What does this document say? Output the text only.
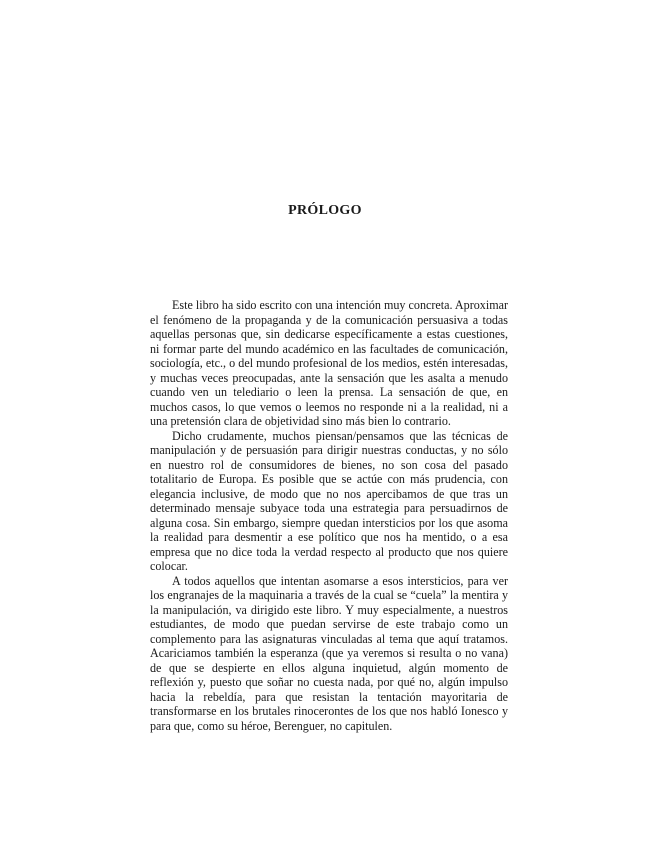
PRÓLOGO

Este libro ha sido escrito con una intención muy concreta. Aproximar el fenómeno de la propaganda y de la comunicación persuasiva a todas aquellas personas que, sin dedicarse específicamente a estas cuestiones, ni formar parte del mundo académico en las facultades de comunicación, sociología, etc., o del mundo profesional de los medios, estén interesadas, y muchas veces preocupadas, ante la sensación que les asalta a menudo cuando ven un telediario o leen la prensa. La sensación de que, en muchos casos, lo que vemos o leemos no responde ni a la realidad, ni a una pretensión clara de objetividad sino más bien lo contrario.

Dicho crudamente, muchos piensan/pensamos que las técnicas de manipulación y de persuasión para dirigir nuestras conductas, y no sólo en nuestro rol de consumidores de bienes, no son cosa del pasado totalitario de Europa. Es posible que se actúe con más prudencia, con elegancia inclusive, de modo que no nos apercibamos de que tras un determinado mensaje subyace toda una estrategia para persuadirnos de alguna cosa. Sin embargo, siempre quedan intersticios por los que asoma la realidad para desmentir a ese político que nos ha mentido, o a esa empresa que no dice toda la verdad respecto al producto que nos quiere colocar.

A todos aquellos que intentan asomarse a esos intersticios, para ver los engranajes de la maquinaria a través de la cual se “cuela” la mentira y la manipulación, va dirigido este libro. Y muy especialmente, a nuestros estudiantes, de modo que puedan servirse de este trabajo como un complemento para las asignaturas vinculadas al tema que aquí tratamos. Acariciamos también la esperanza (que ya veremos si resulta o no vana) de que se despierte en ellos alguna inquietud, algún momento de reflexión y, puesto que soñar no cuesta nada, por qué no, algún impulso hacia la rebeldía, para que resistan la tentación mayoritaria de transformarse en los brutales rinocerontes de los que nos habló Ionesco y para que, como su héroe, Berenguer, no capitulen.
